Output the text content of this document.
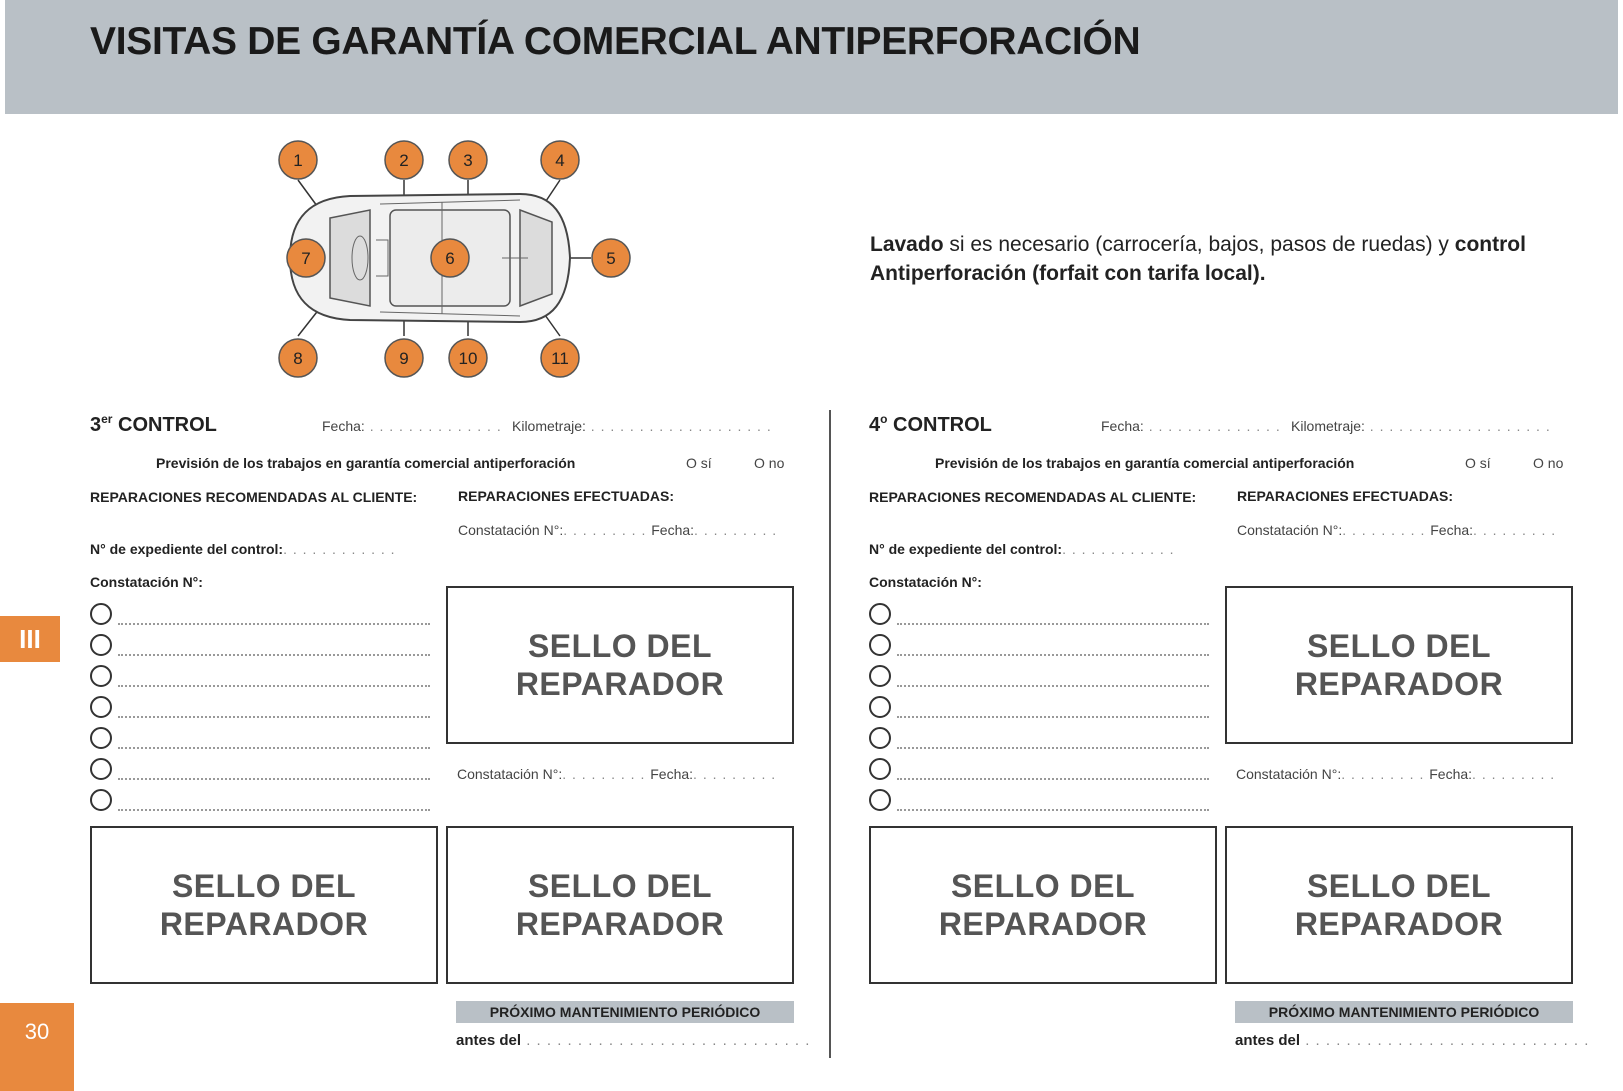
VISITAS DE GARANTÍA COMERCIAL ANTIPERFORACIÓN
III
30
1	2	3	4
5
6
7
8	9	10	11
Lavado si es necesario (carrocería, bajos, pasos de ruedas) y control Antiperforación (forfait con tarifa local).
3er CONTROL	Fecha: . . . . . . . . . . . . . . Kilometraje: . . . . . . . . . . . . . . . . . . .
Previsión de los trabajos en garantía comercial antiperforación	O sí	O no
REPARACIONES RECOMENDADAS AL CLIENTE:	REPARACIONES EFECTUADAS:
Constatación N°:. . . . . . . . . Fecha:. . . . . . . . .
N° de expediente del control:. . . . . . . . . . . .
Constatación N°:
SELLO DEL
REPARADOR
Constatación N°:. . . . . . . . . Fecha:. . . . . . . . .
SELLO DEL
REPARADOR
SELLO DEL
REPARADOR
PRÓXIMO MANTENIMIENTO PERIÓDICO
antes del . . . . . . . . . . . . . . . . . . . . . . . . . . . .
4$^o$ CONTROL	Fecha: . . . . . . . . . . . . . . Kilometraje: . . . . . . . . . . . . . . . . . . .
Previsión de los trabajos en garantía comercial antiperforación	O sí	O no
REPARACIONES RECOMENDADAS AL CLIENTE:	REPARACIONES EFECTUADAS:
Constatación N°:. . . . . . . . . Fecha:. . . . . . . . .
N° de expediente del control:. . . . . . . . . . . .
Constatación N°:
SELLO DEL
REPARADOR
Constatación N°:. . . . . . . . . Fecha:. . . . . . . . .
SELLO DEL
REPARADOR
SELLO DEL
REPARADOR
PRÓXIMO MANTENIMIENTO PERIÓDICO
antes del . . . . . . . . . . . . . . . . . . . . . . . . . . . .
